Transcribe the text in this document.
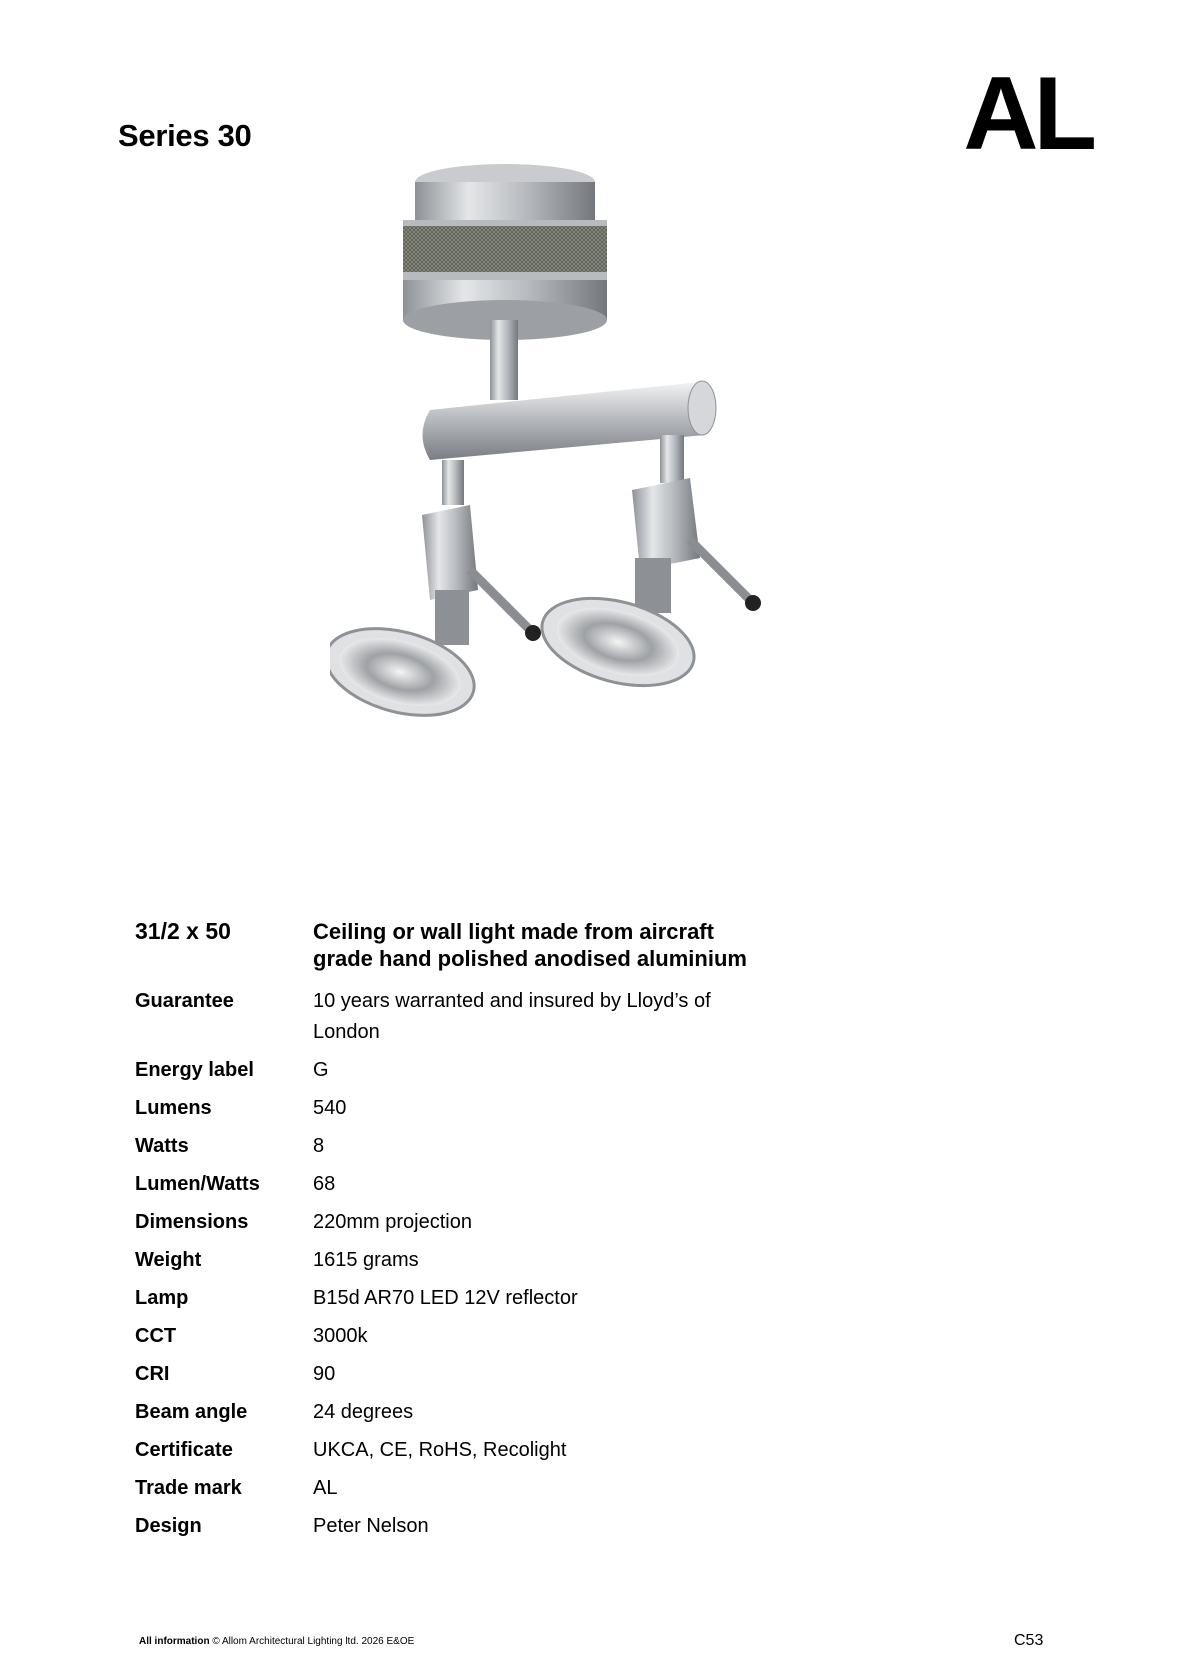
Series 30	AL
31/2 x 50	Ceiling or wall light made from aircraft grade hand polished anodised aluminium
Guarantee	10 years warranted and insured by Lloyd’s of London
Energy label	G
Lumens	540
Watts	8
Lumen/Watts	68
Dimensions	220mm projection
Weight	1615 grams
Lamp	B15d AR70 LED 12V reflector
CCT	3000k
CRI	90
Beam angle	24 degrees
Certificate	UKCA, CE, RoHS, Recolight
Trade mark	AL
Design	Peter Nelson
All information © Allom Architectural Lighting ltd. 2026 E&OE	C53
